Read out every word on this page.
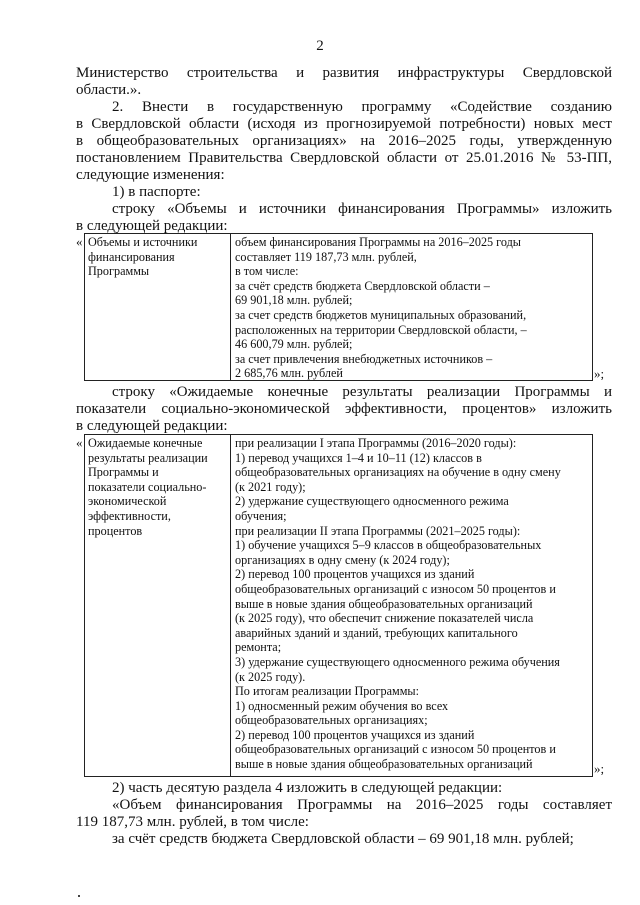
2
Министерство строительства и развития инфраструктуры Свердловской
области.».
2. Внести в государственную программу «Содействие созданию
в Свердловской области (исходя из прогнозируемой потребности) новых мест
в общеобразовательных организациях» на 2016–2025 годы, утвержденную
постановлением Правительства Свердловской области от 25.01.2016 № 53-ПП,
следующие изменения:
1) в паспорте:
строку «Объемы и источники финансирования Программы» изложить
в следующей редакции:
« Объемы и источники
финансирования
Программы
объем финансирования Программы на 2016–2025 годы
составляет 119 187,73 млн. рублей,
в том числе:
за счёт средств бюджета Свердловской области –
69 901,18 млн. рублей;
за счет средств бюджетов муниципальных образований,
расположенных на территории Свердловской области, –
46 600,79 млн. рублей;
за счет привлечения внебюджетных источников –
2 685,76 млн. рублей	»;
строку «Ожидаемые конечные результаты реализации Программы и
показатели социально-экономической эффективности, процентов» изложить
в следующей редакции:
« Ожидаемые конечные
результаты реализации
Программы и
показатели социально-
экономической
эффективности,
процентов
при реализации I этапа Программы (2016–2020 годы):
1) перевод учащихся 1–4 и 10–11 (12) классов в
общеобразовательных организациях на обучение в одну смену
(к 2021 году);
2) удержание существующего односменного режима
обучения;
при реализации II этапа Программы (2021–2025 годы):
1) обучение учащихся 5–9 классов в общеобразовательных
организациях в одну смену (к 2024 году);
2) перевод 100 процентов учащихся из зданий
общеобразовательных организаций с износом 50 процентов и
выше в новые здания общеобразовательных организаций
(к 2025 году), что обеспечит снижение показателей числа
аварийных зданий и зданий, требующих капитального
ремонта;
3) удержание существующего односменного режима обучения
(к 2025 году).
По итогам реализации Программы:
1) односменный режим обучения во всех
общеобразовательных организациях;
2) перевод 100 процентов учащихся из зданий
общеобразовательных организаций с износом 50 процентов и
выше в новые здания общеобразовательных организаций	»;
2) часть десятую раздела 4 изложить в следующей редакции:
«Объем финансирования Программы на 2016–2025 годы составляет
119 187,73 млн. рублей, в том числе:
за счёт средств бюджета Свердловской области – 69 901,18 млн. рублей;
